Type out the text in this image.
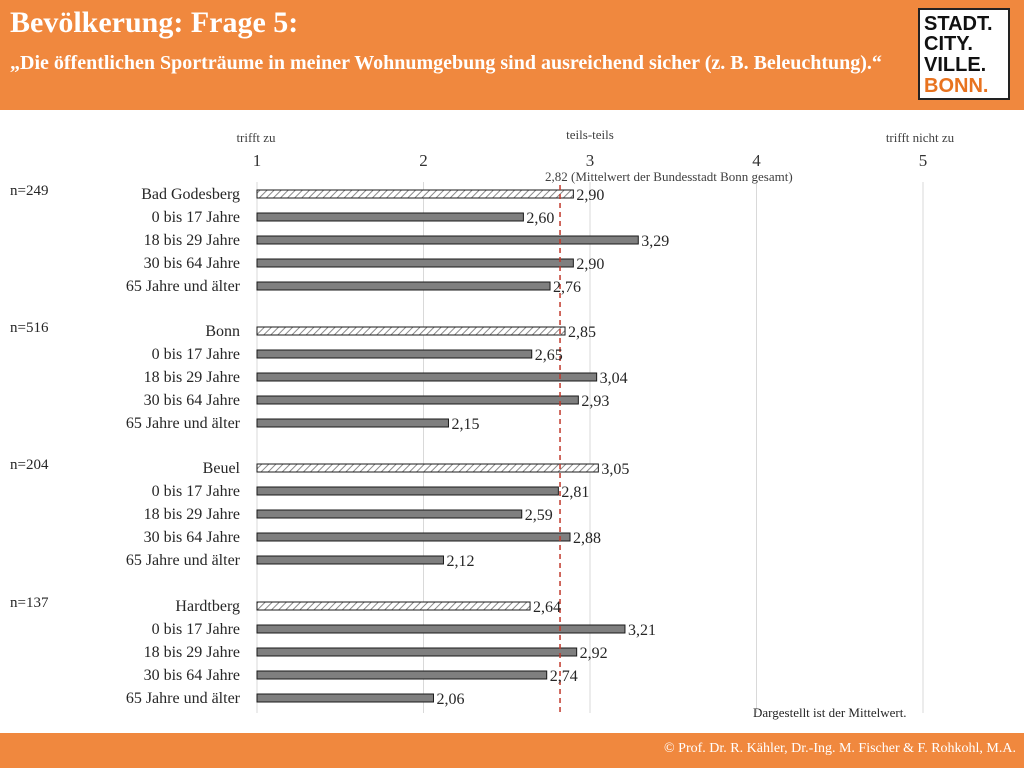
Bevölkerung: Frage 5:
„Die öffentlichen Sporträume in meiner Wohnumgebung sind ausreichend sicher (z. B. Beleuchtung).“
STADT.
CITY.
VILLE.
BONN.
1	2	3	4	5
trifft zu	teils-teils	trifft nicht zu
2,82 (Mittelwert der Bundesstadt Bonn gesamt)
n=249	Bad Godesberg	2,90
0 bis 17 Jahre	2,60
18 bis 29 Jahre	3,29
30 bis 64 Jahre	2,90
65 Jahre und älter	2,76
n=516	Bonn	2,85
0 bis 17 Jahre	2,65
18 bis 29 Jahre	3,04
30 bis 64 Jahre	2,93
65 Jahre und älter	2,15
n=204	Beuel	3,05
0 bis 17 Jahre	2,81
18 bis 29 Jahre	2,59
30 bis 64 Jahre	2,88
65 Jahre und älter	2,12
n=137	Hardtberg	2,64
0 bis 17 Jahre	3,21
18 bis 29 Jahre	2,92
30 bis 64 Jahre	2,74
65 Jahre und älter	2,06
Dargestellt ist der Mittelwert.
© Prof. Dr. R. Kähler, Dr.-Ing. M. Fischer & F. Rohkohl, M.A.
